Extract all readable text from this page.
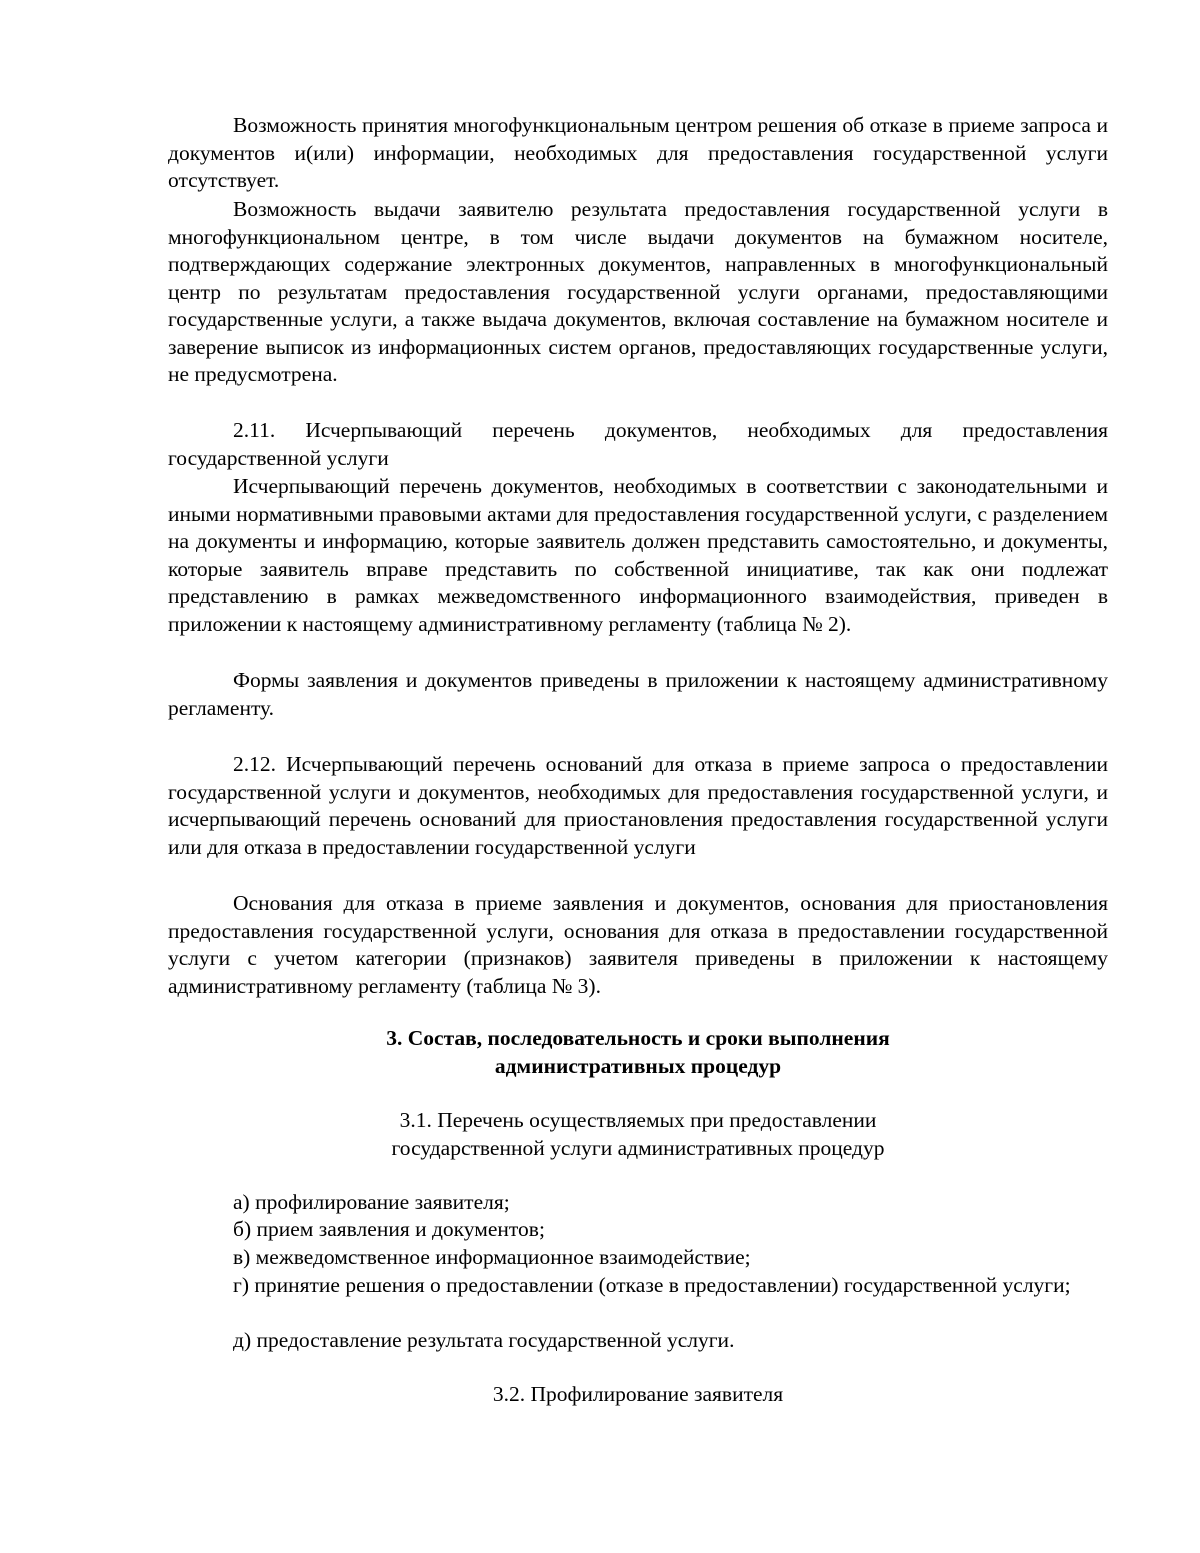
Возможность принятия многофункциональным центром решения об отказе в приеме запроса и документов и(или) информации, необходимых для предоставления государственной услуги отсутствует.

Возможность выдачи заявителю результата предоставления государственной услуги в многофункциональном центре, в том числе выдачи документов на бумажном носителе, подтверждающих содержание электронных документов, направленных в многофункциональный центр по результатам предоставления государственной услуги органами, предоставляющими государственные услуги, а также выдача документов, включая составление на бумажном носителе и заверение выписок из информационных систем органов, предоставляющих государственные услуги, не предусмотрена.

2.11. Исчерпывающий перечень документов, необходимых для предоставления государственной услуги

Исчерпывающий перечень документов, необходимых в соответствии с законодательными и иными нормативными правовыми актами для предоставления государственной услуги, с разделением на документы и информацию, которые заявитель должен представить самостоятельно, и документы, которые заявитель вправе представить по собственной инициативе, так как они подлежат представлению в рамках межведомственного информационного взаимодействия, приведен в приложении к настоящему административному регламенту (таблица № 2).

Формы заявления и документов приведены в приложении к настоящему административному регламенту.

2.12. Исчерпывающий перечень оснований для отказа в приеме запроса о предоставлении государственной услуги и документов, необходимых для предоставления государственной услуги, и исчерпывающий перечень оснований для приостановления предоставления государственной услуги или для отказа в предоставлении государственной услуги

Основания для отказа в приеме заявления и документов, основания для приостановления предоставления государственной услуги, основания для отказа в предоставлении государственной услуги с учетом категории (признаков) заявителя приведены в приложении к настоящему административному регламенту (таблица № 3).

3. Состав, последовательность и сроки выполнения
административных процедур
3.1. Перечень осуществляемых при предоставлении
государственной услуги административных процедур

а) профилирование заявителя;

б) прием заявления и документов;

в) межведомственное информационное взаимодействие;

г) принятие решения о предоставлении (отказе в предоставлении) государственной услуги;

д) предоставление результата государственной услуги.

3.2. Профилирование заявителя
